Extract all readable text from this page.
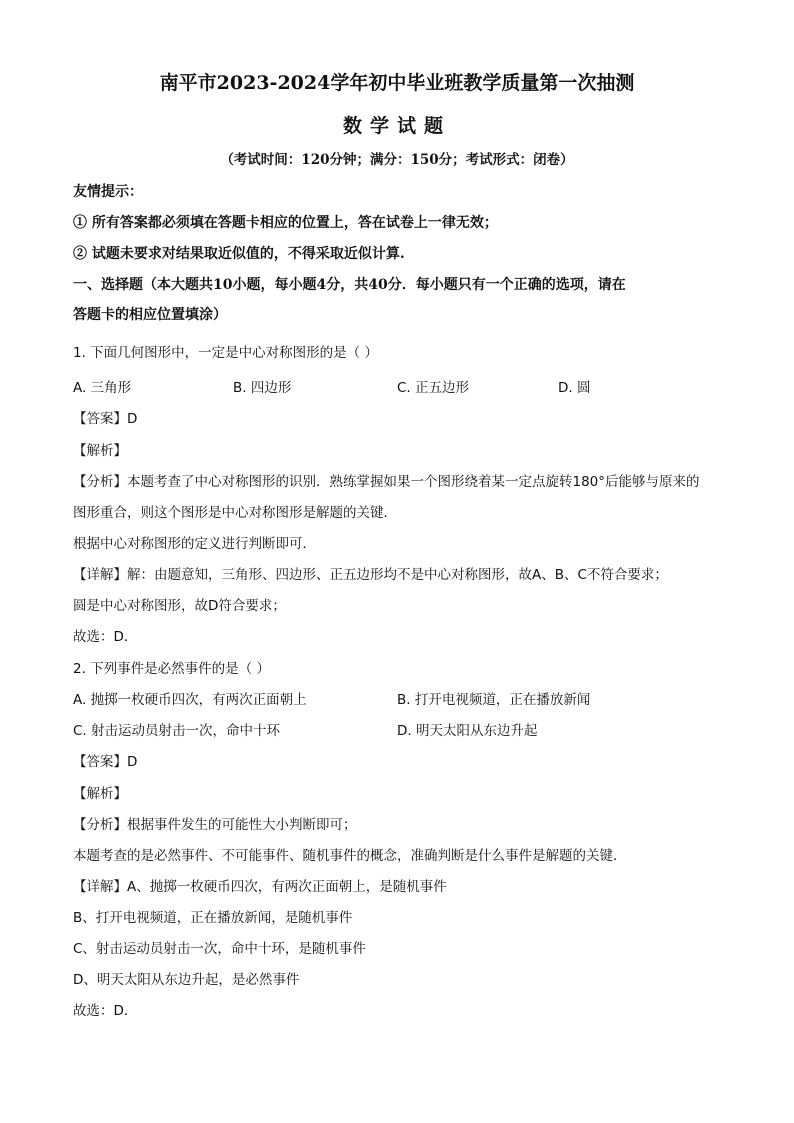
南平市2023-2024学年初中毕业班教学质量第一次抽测
数学试题
（考试时间：120分钟；满分：150分；考试形式：闭卷）
友情提示：
① 所有答案都必须填在答题卡相应的位置上，答在试卷上一律无效；
② 试题未要求对结果取近似值的，不得采取近似计算.
一、选择题（本大题共10小题，每小题4分，共40分．每小题只有一个正确的选项，请在
答题卡的相应位置填涂）
1. 下面几何图形中，一定是中心对称图形的是（ ）
A. 三角形	B. 四边形	C. 正五边形	D. 圆
【答案】D
【解析】
【分析】本题考查了中心对称图形的识别．熟练掌握如果一个图形绕着某一定点旋转180°后能够与原来的
图形重合，则这个图形是中心对称图形是解题的关键．
根据中心对称图形的定义进行判断即可．
【详解】解：由题意知，三角形、四边形、正五边形均不是中心对称图形，故A、B、C不符合要求；
圆是中心对称图形，故D符合要求；
故选：D．
2. 下列事件是必然事件的是（ ）
A. 抛掷一枚硬币四次，有两次正面朝上	B. 打开电视频道，正在播放新闻
C. 射击运动员射击一次，命中十环	D. 明天太阳从东边升起
【答案】D
【解析】
【分析】根据事件发生的可能性大小判断即可；
本题考查的是必然事件、不可能事件、随机事件的概念，准确判断是什么事件是解题的关键．
【详解】A、抛掷一枚硬币四次，有两次正面朝上，是随机事件
B、打开电视频道，正在播放新闻，是随机事件
C、射击运动员射击一次，命中十环，是随机事件
D、明天太阳从东边升起，是必然事件
故选：D．
